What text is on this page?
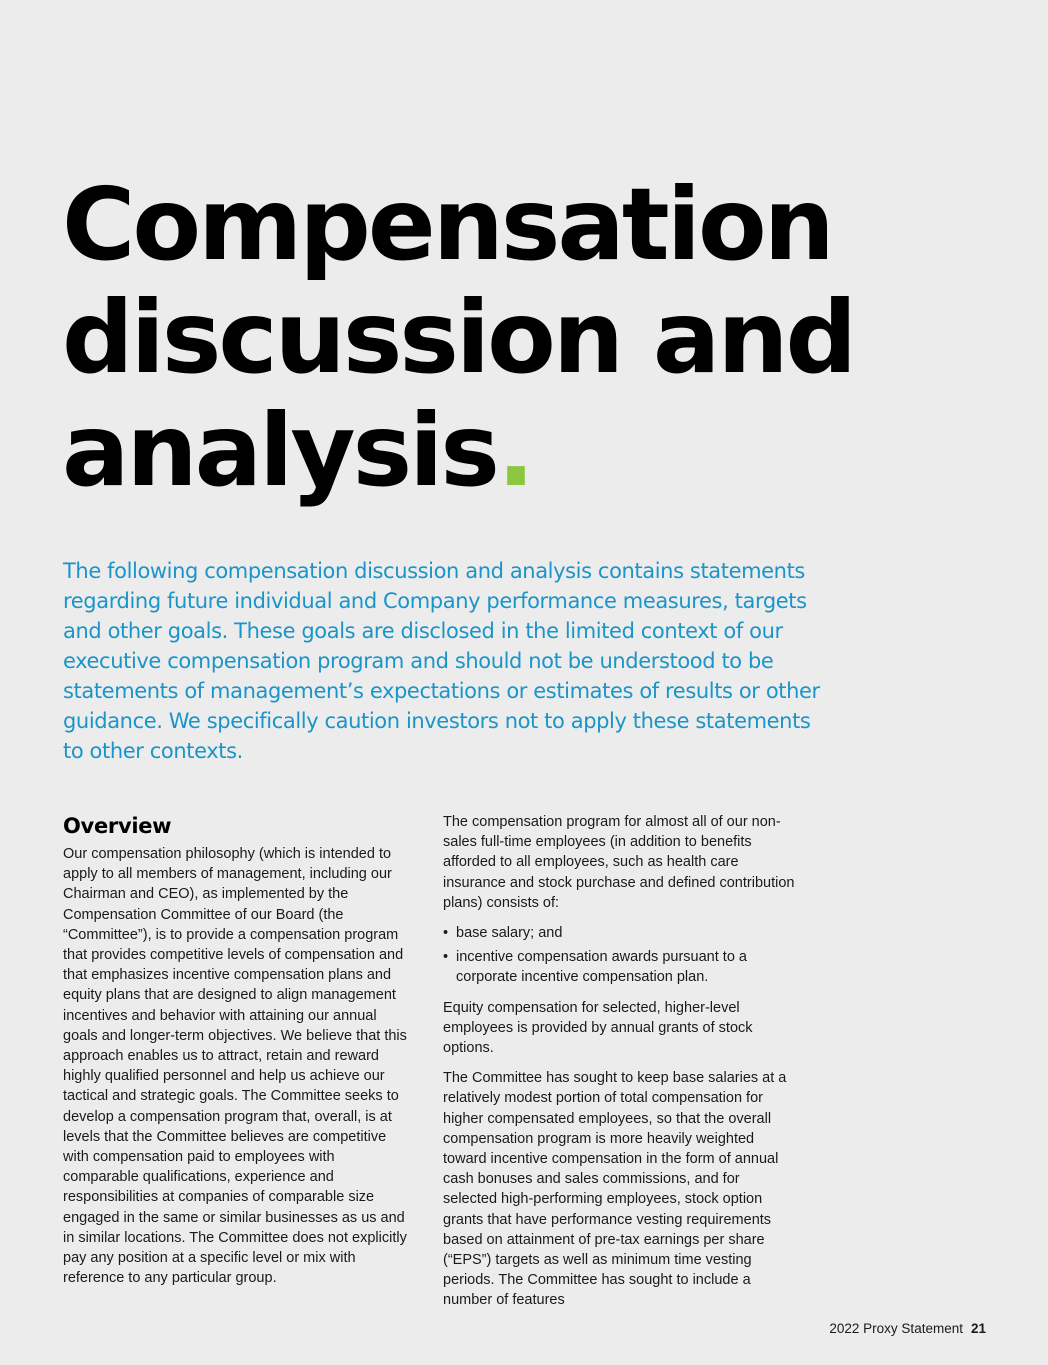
Compensation
discussion and
analysis.

The following compensation discussion and analysis contains statements regarding future individual and Company performance measures, targets and other goals. These goals are disclosed in the limited context of our executive compensation program and should not be understood to be statements of management’s expectations or estimates of results or other guidance. We specifically caution investors not to apply these statements to other contexts.

Overview

Our compensation philosophy (which is intended to apply to all members of management, including our Chairman and CEO), as implemented by the Compensation Committee of our Board (the “Committee”), is to provide a compensation program that provides competitive levels of compensation and that emphasizes incentive compensation plans and equity plans that are designed to align management incentives and behavior with attaining our annual goals and longer-term objectives. We believe that this approach enables us to attract, retain and reward highly qualified personnel and help us achieve our tactical and strategic goals. The Committee seeks to develop a compensation program that, overall, is at levels that the Committee believes are competitive with compensation paid to employees with comparable qualifications, experience and responsibilities at companies of comparable size engaged in the same or similar businesses as us and in similar locations. The Committee does not explicitly pay any position at a specific level or mix with reference to any particular group.

The compensation program for almost all of our non-sales full-time employees (in addition to benefits afforded to all employees, such as health care insurance and stock purchase and defined contribution plans) consists of:

• base salary; and
• incentive compensation awards pursuant to a corporate incentive compensation plan.

Equity compensation for selected, higher-level employees is provided by annual grants of stock options.

The Committee has sought to keep base salaries at a relatively modest portion of total compensation for higher compensated employees, so that the overall compensation program is more heavily weighted toward incentive compensation in the form of annual cash bonuses and sales commissions, and for selected high-performing employees, stock option grants that have performance vesting requirements based on attainment of pre-tax earnings per share (“EPS”) targets as well as minimum time vesting periods. The Committee has sought to include a number of features

2022 Proxy Statement 21
